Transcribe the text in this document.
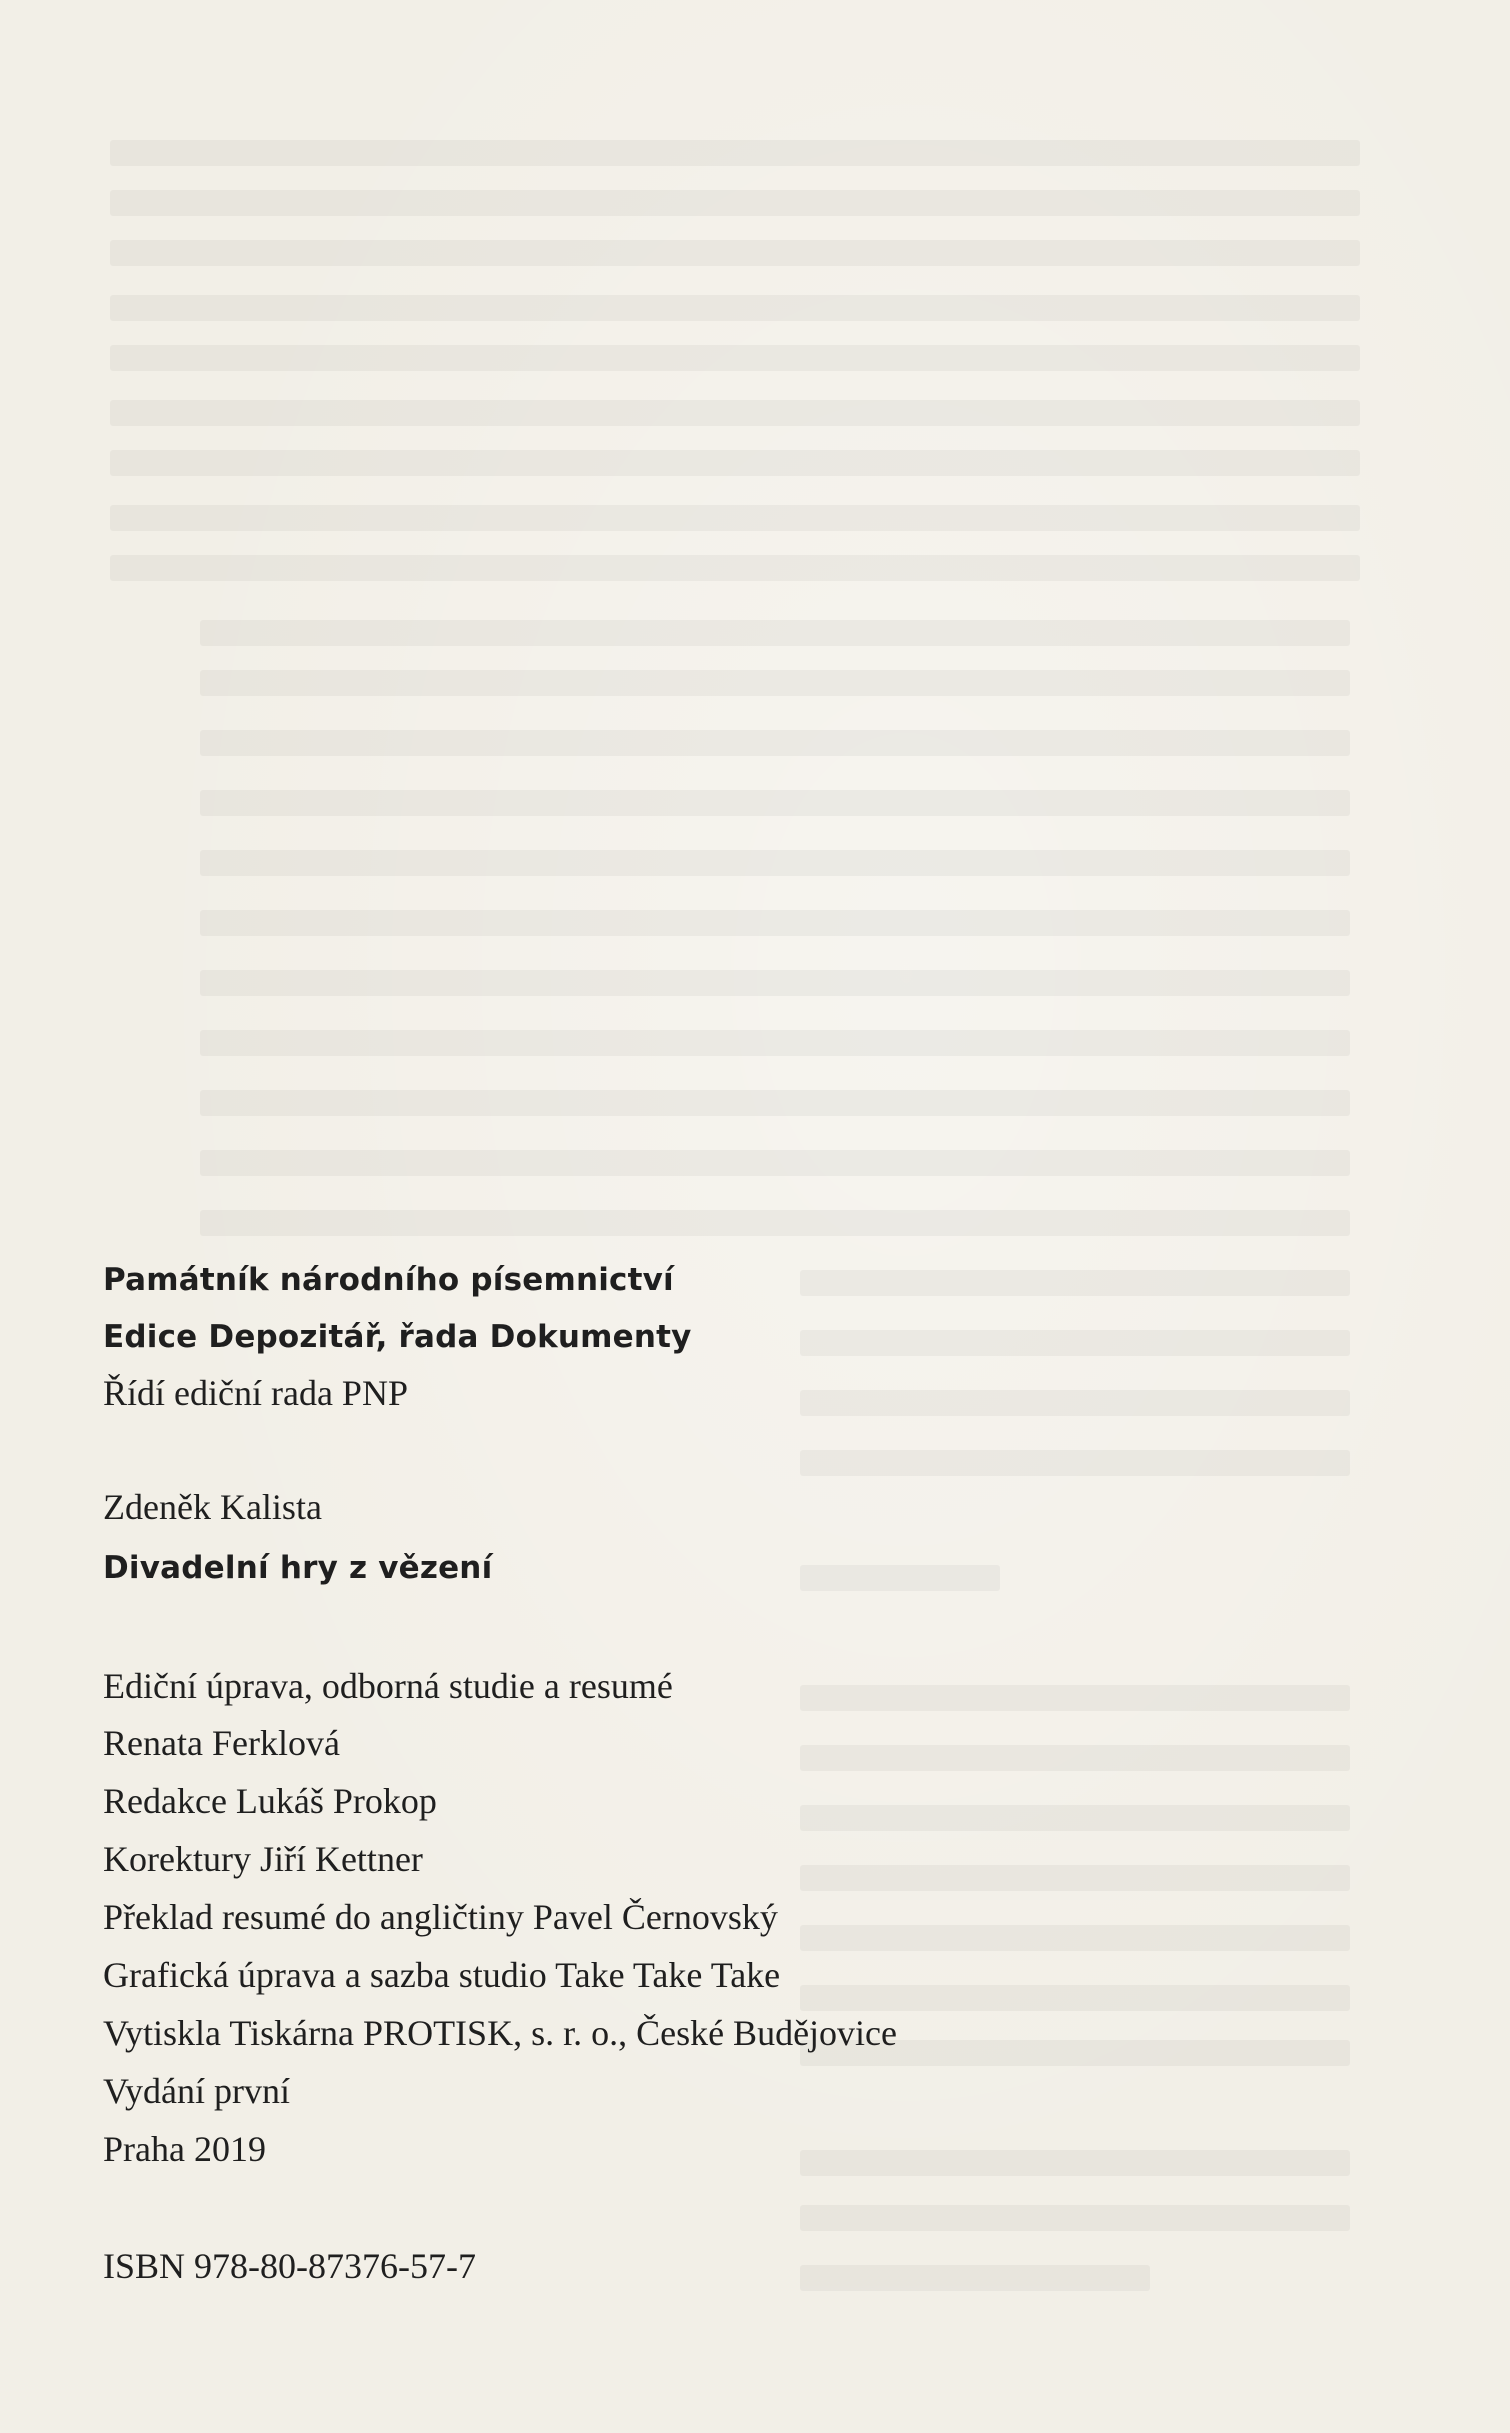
Památník národního písemnictví
Edice Depozitář, řada Dokumenty
Řídí ediční rada PNP
Zdeněk Kalista
Divadelní hry z vězení
Ediční úprava, odborná studie a resumé
Renata Ferklová
Redakce Lukáš Prokop
Korektury Jiří Kettner
Překlad resumé do angličtiny Pavel Černovský
Grafická úprava a sazba studio Take Take Take
Vytiskla Tiskárna PROTISK, s. r. o., České Budějovice
Vydání první
Praha 2019
ISBN 978-80-87376-57-7
